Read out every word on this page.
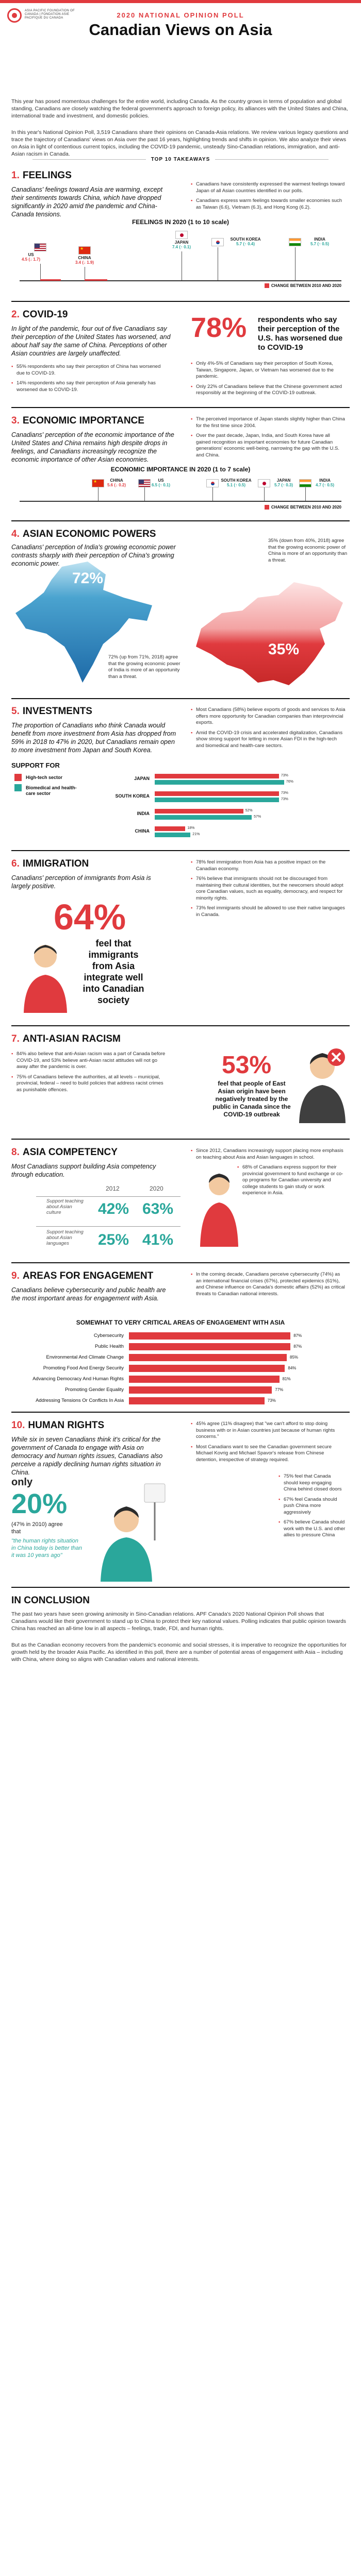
ASIA PACIFIC FOUNDATION OF CANADA | FONDATION ASIE PACIFIQUE DU CANADA	2020 NATIONAL OPINION POLL
Canadian Views on Asia

This year has posed momentous challenges for the entire world, including Canada. As the country grows in terms of population and global standing, Canadians are closely watching the federal government's approach to foreign policy, its alliances with the United States and China, international trade and investment, and domestic policies.

In this year's National Opinion Poll, 3,519 Canadians share their opinions on Canada-Asia relations. We review various legacy questions and trace the trajectory of Canadians' views on Asia over the past 16 years, highlighting trends and shifts in opinion. We also analyze their views on Asia in light of contentious current topics, including the COVID-19 pandemic, unsteady Sino-Canadian relations, immigration, and anti-Asian racism in Canada.

TOP 10 TAKEAWAYS
1. FEELINGS

Canadians' feelings toward Asia are warming, except their sentiments towards China, which have dropped significantly in 2020 amid the pandemic and China-Canada tensions.

• Canadians have consistently expressed the warmest feelings toward Japan of all Asian countries identified in our polls.
• Canadians express warm feelings towards smaller economies such as Taiwan (6.6), Vietnam (6.3), and Hong Kong (6.2).
FEELINGS IN 2020 (1 to 10 scale)
US
4.5 (↓ 1.7)
★	CHINA
3.4 (↓ 1.9)
JAPAN
7.4 (↑ 0.1)
SOUTH KOREA
5.7 (↑ 0.4)
INDIA
5.7 (↑ 0.5)
CHANGE BETWEEN 2010 AND 2020
2. COVID-19

In light of the pandemic, four out of five Canadians say their perception of the United States has worsened, and about half say the same of China. Perceptions of other Asian countries are largely unaffected.

• 55% respondents who say their perception of China has worsened due to COVID-19.
• 14% respondents who say their perception of Asia generally has worsened due to COVID-19.
78% respondents who say their perception of the U.S. has worsened due to COVID-19
• Only 4%-5% of Canadians say their perception of South Korea, Taiwan, Singapore, Japan, or Vietnam has worsened due to the pandemic.
• Only 22% of Canadians believe that the Chinese government acted responsibly at the beginning of the COVID-19 outbreak.
3. ECONOMIC IMPORTANCE

Canadians' perception of the economic importance of the United States and China remains high despite drops in feelings, and Canadians increasingly recognize the economic importance of other Asian economies.

• The perceived importance of Japan stands slightly higher than China for the first time since 2004.
• Over the past decade, Japan, India, and South Korea have all gained recognition as important economies for future Canadian generations' economic well-being, narrowing the gap with the U.S. and China.
ECONOMIC IMPORTANCE IN 2020 (1 to 7 scale)
★
CHINA
5.6 (↓ 0.2)
US
6.5 (↑ 0.1)
SOUTH KOREA
5.1 (↑ 0.5)
JAPAN
5.7 (↑ 0.3)
INDIA
4.7 (↑ 0.5)
CHANGE BETWEEN 2010 AND 2020
4. ASIAN ECONOMIC POWERS

Canadians' perception of India's growing economic power contrasts sharply with their perception of China's growing economic power.

72%

72% (up from 71%, 2018) agree that the growing economic power of India is more of an opportunity than a threat.

35%

35% (down from 40%, 2018) agree that the growing economic power of China is more of an opportunity than a threat.

5. INVESTMENTS

The proportion of Canadians who think Canada would benefit from more investment from Asia has dropped from 59% in 2018 to 47% in 2020, but Canadians remain open to more investment from Japan and South Korea.

• Most Canadians (58%) believe exports of goods and services to Asia offers more opportunity for Canadian companies than interprovincial exports.
• Amid the COVID-19 crisis and accelerated digitalization, Canadians show strong support for letting in more Asian FDI in the high-tech and biomedical and health-care sectors.
SUPPORT FOR
High-tech sector
Biomedical and health-care sector
JAPAN
73%
76%
SOUTH KOREA
73%
73%
INDIA
52%
57%
CHINA
18%
21%
6. IMMIGRATION

Canadians' perception of immigrants from Asia is largely positive.

64%
feel that immigrants from Asia integrate well into Canadian society
• 78% feel immigration from Asia has a positive impact on the Canadian economy.
• 76% believe that immigrants should not be discouraged from maintaining their cultural identities, but the newcomers should adopt core Canadian values, such as equality, democracy, and respect for minority rights.
• 73% feel immigrants should be allowed to use their native languages in Canada.
7. ANTI-ASIAN RACISM
• 84% also believe that anti-Asian racism was a part of Canada before COVID-19, and 53% believe anti-Asian racist attitudes will not go away after the pandemic is over.
• 75% of Canadians believe the authorities, at all levels – municipal, provincial, federal – need to build policies that address racist crimes as punishable offences.
53%
feel that people of East Asian origin have been negatively treated by the public in Canada since the COVID-19 outbreak
8. ASIA COMPETENCY

Most Canadians support building Asia competency through education.

2012	2020

Support teaching about Asian culture	42% 63%

Support teaching about Asian languages	25% 41%
• Since 2012, Canadians increasingly support placing more emphasis on teaching about Asia and Asian languages in school.
• 68% of Canadians express support for their provincial government to fund exchange or co-op programs for Canadian university and college students to gain study or work experience in Asia.
9. AREAS FOR ENGAGEMENT

Canadians believe cybersecurity and public health are the most important areas for engagement with Asia.

• In the coming decade, Canadians perceive cybersecurity (74%) as an international financial crises (67%), protected epidemics (61%), and Chinese influence on Canada's domestic affairs (52%) as critical threats to Canadian national interests.
SOMEWHAT TO VERY CRITICAL AREAS OF ENGAGEMENT WITH ASIA
Cybersecurity	87%
Public Health	87%
Environmental And Climate Change	85%
Promoting Food And Energy Security	84%
Advancing Democracy And Human Rights	81%
Promoting Gender Equality	77%
Addressing Tensions Or Conflicts In Asia	73%
10. HUMAN RIGHTS

While six in seven Canadians think it's critical for the government of Canada to engage with Asia on democracy and human rights issues, Canadians also perceive a rapidly declining human rights situation in China.

only
20%
(47% in 2010) agree that
"the human rights situation in China today is better than it was 10 years ago"
• 45% agree (11% disagree) that "we can't afford to stop doing business with or in Asian countries just because of human rights concerns."
• Most Canadians want to see the Canadian government secure Michael Kovrig and Michael Spavor's release from Chinese detention, irrespective of strategy required.
• 75% feel that Canada should keep engaging China behind closed doors
• 67% feel Canada should push China more aggressively
• 67% believe Canada should work with the U.S. and other allies to pressure China
IN CONCLUSION

The past two years have seen growing animosity in Sino-Canadian relations. APF Canada's 2020 National Opinion Poll shows that Canadians would like their government to stand up to China to protect their key national values. Polling indicates that public opinion towards China has reached an all-time low in all aspects – feelings, trade, FDI, and human rights.

But as the Canadian economy recovers from the pandemic's economic and social stresses, it is imperative to recognize the opportunities for growth held by the broader Asia Pacific. As identified in this poll, there are a number of potential areas of engagement with Asia – including with China, where doing so aligns with Canadian values and national interests.
